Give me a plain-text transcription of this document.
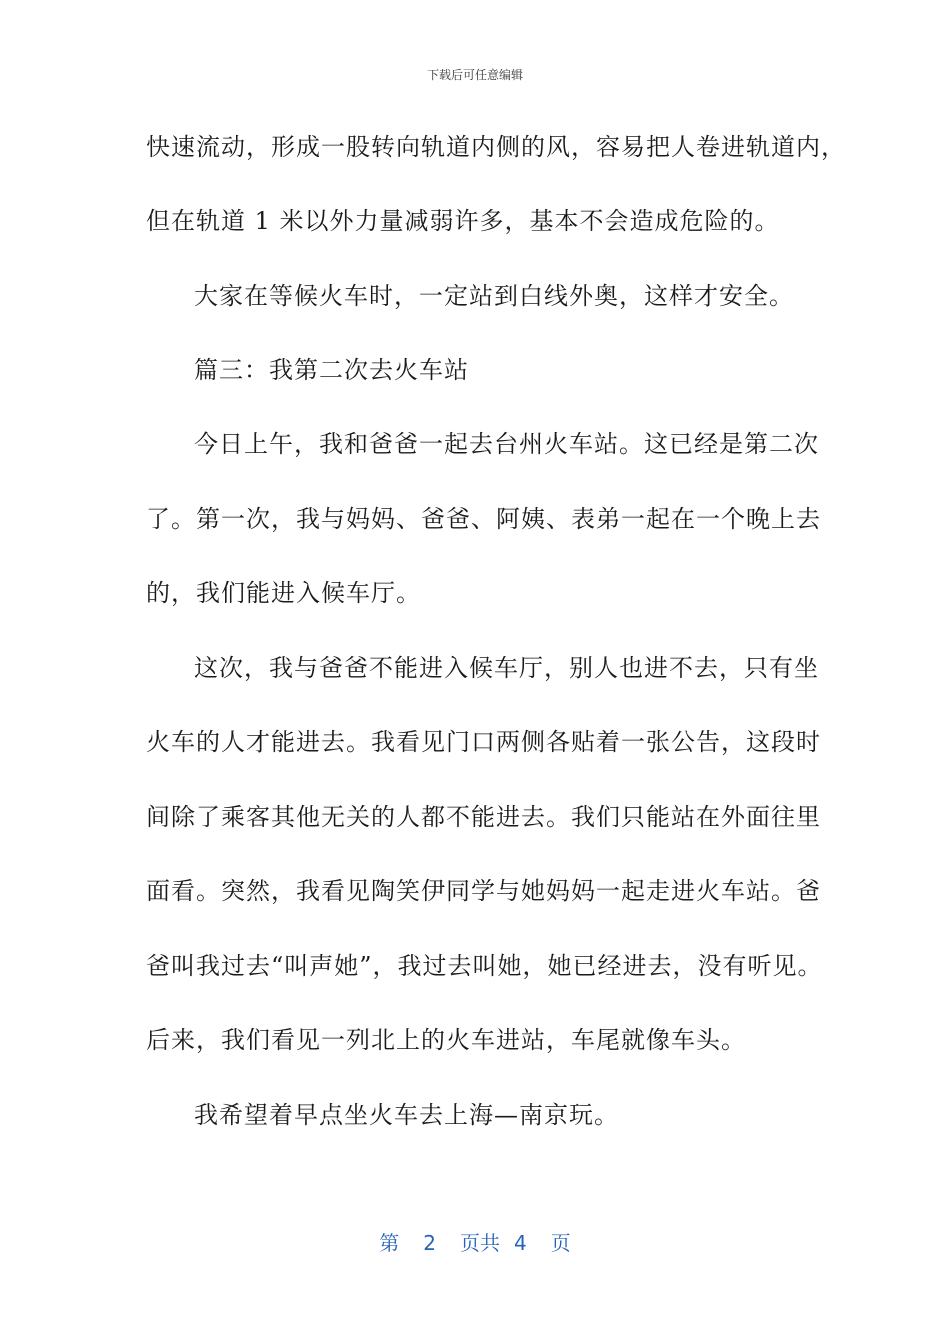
下载后可任意编辑
快速流动，形成一股转向轨道内侧的风，容易把人卷进轨道内，
但在轨道 1 米以外力量减弱许多，基本不会造成危险的。
大家在等候火车时，一定站到白线外奥，这样才安全。
篇三：我第二次去火车站
今日上午，我和爸爸一起去台州火车站。这已经是第二次
了。第一次，我与妈妈、爸爸、阿姨、表弟一起在一个晚上去
的，我们能进入候车厅。
这次，我与爸爸不能进入候车厅，别人也进不去，只有坐
火车的人才能进去。我看见门口两侧各贴着一张公告，这段时
间除了乘客其他无关的人都不能进去。我们只能站在外面往里
面看。突然，我看见陶笑伊同学与她妈妈一起走进火车站。爸
爸叫我过去“叫声她”，我过去叫她，她已经进去，没有听见。
后来，我们看见一列北上的火车进站，车尾就像车头。
我希望着早点坐火车去上海—南京玩。
第 2 页共 4 页
